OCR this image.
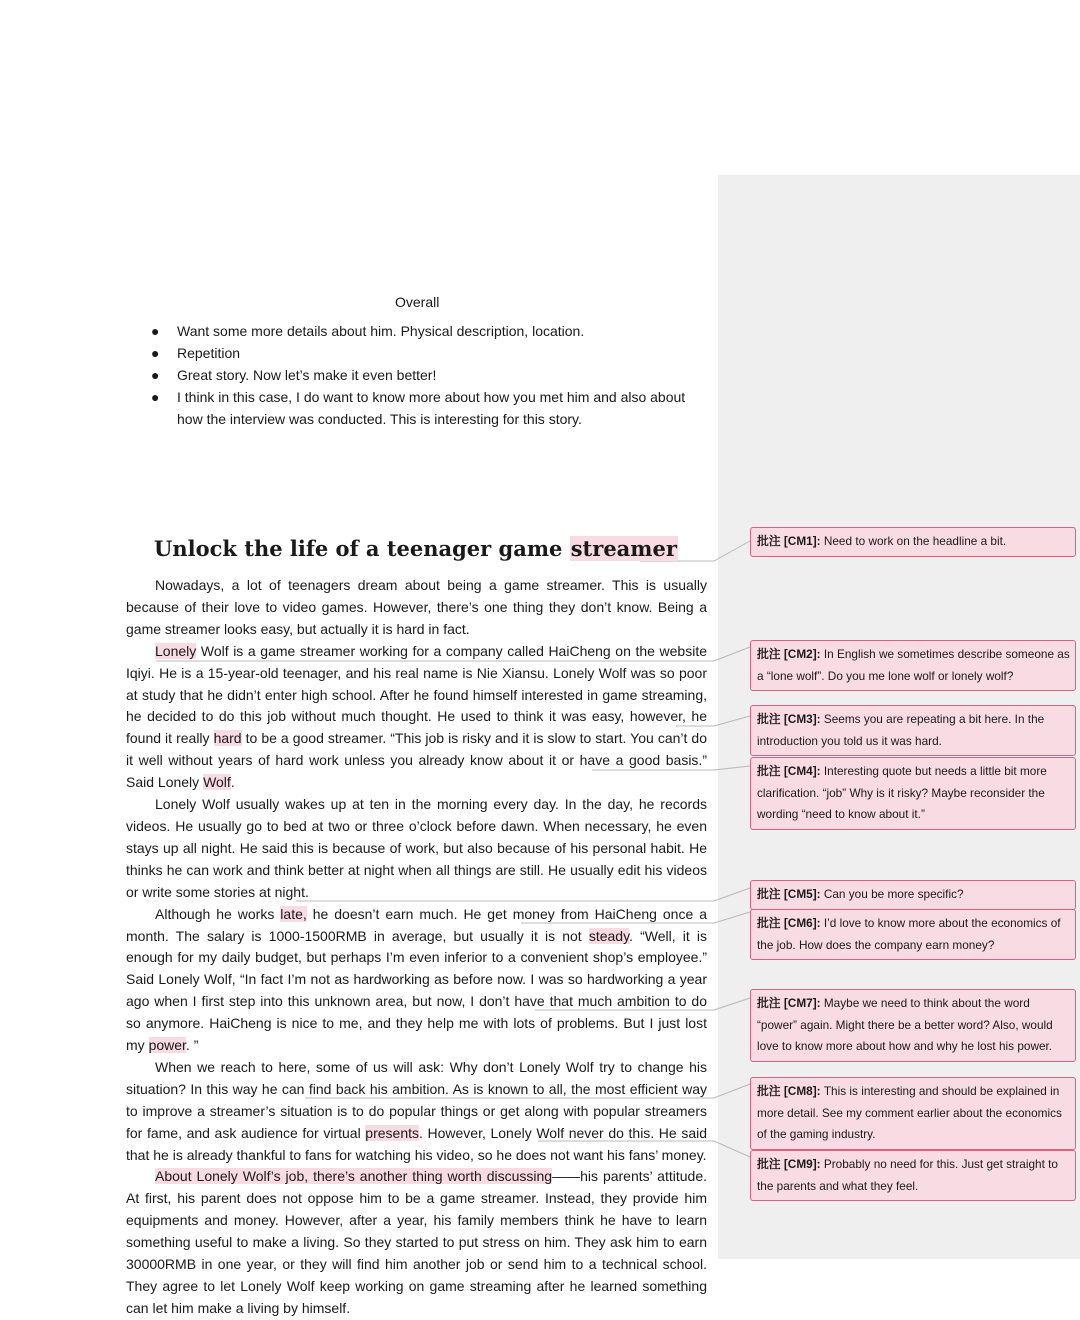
Overall
● Want some more details about him. Physical description, location.
● Repetition
● Great story. Now let’s make it even better!
● I think in this case, I do want to know more about how you met him and also about how the interview was conducted. This is interesting for this story.
Unlock the life of a teenager game streamer

Nowadays, a lot of teenagers dream about being a game streamer. This is usually because of their love to video games. However, there’s one thing they don’t know. Being a game streamer looks easy, but actually it is hard in fact.

Lonely Wolf is a game streamer working for a company called HaiCheng on the website Iqiyi. He is a 15-year-old teenager, and his real name is Nie Xiansu. Lonely Wolf was so poor at study that he didn’t enter high school. After he found himself interested in game streaming, he decided to do this job without much thought. He used to think it was easy, however, he found it really hard to be a good streamer. “This job is risky and it is slow to start. You can’t do it well without years of hard work unless you already know about it or have a good basis.” Said Lonely Wolf.

Lonely Wolf usually wakes up at ten in the morning every day. In the day, he records videos. He usually go to bed at two or three o’clock before dawn. When necessary, he even stays up all night. He said this is because of work, but also because of his personal habit. He thinks he can work and think better at night when all things are still. He usually edit his videos or write some stories at night.

Although he works late, he doesn’t earn much. He get money from HaiCheng once a month. The salary is 1000-1500RMB in average, but usually it is not steady. “Well, it is enough for my daily budget, but perhaps I’m even inferior to a convenient shop’s employee.” Said Lonely Wolf, “In fact I’m not as hardworking as before now. I was so hardworking a year ago when I first step into this unknown area, but now, I don’t have that much ambition to do so anymore. HaiCheng is nice to me, and they help me with lots of problems. But I just lost my power. ”

When we reach to here, some of us will ask: Why don’t Lonely Wolf try to change his situation? In this way he can find back his ambition. As is known to all, the most efficient way to improve a streamer’s situation is to do popular things or get along with popular streamers for fame, and ask audience for virtual presents. However, Lonely Wolf never do this. He said that he is already thankful to fans for watching his video, so he does not want his fans’ money.

About Lonely Wolf’s job, there’s another thing worth discussing——his parents’ attitude. At first, his parent does not oppose him to be a game streamer. Instead, they provide him equipments and money. However, after a year, his family members think he have to learn something useful to make a living. So they started to put stress on him. They ask him to earn 30000RMB in one year, or they will find him another job or send him to a technical school. They agree to let Lonely Wolf keep working on game streaming after he learned something can let him make a living by himself.

批注 [CM1]: Need to work on the headline a bit.
批注 [CM2]: In English we sometimes describe someone as a “lone wolf”. Do you me lone wolf or lonely wolf?
批注 [CM3]: Seems you are repeating a bit here. In the introduction you told us it was hard.
批注 [CM4]: Interesting quote but needs a little bit more clarification. “job” Why is it risky? Maybe reconsider the wording “need to know about it.”
批注 [CM5]: Can you be more specific?
批注 [CM6]: I’d love to know more about the economics of the job. How does the company earn money?
批注 [CM7]: Maybe we need to think about the word “power” again. Might there be a better word? Also, would love to know more about how and why he lost his power.
批注 [CM8]: This is interesting and should be explained in more detail. See my comment earlier about the economics of the gaming industry.
批注 [CM9]: Probably no need for this. Just get straight to the parents and what they feel.
